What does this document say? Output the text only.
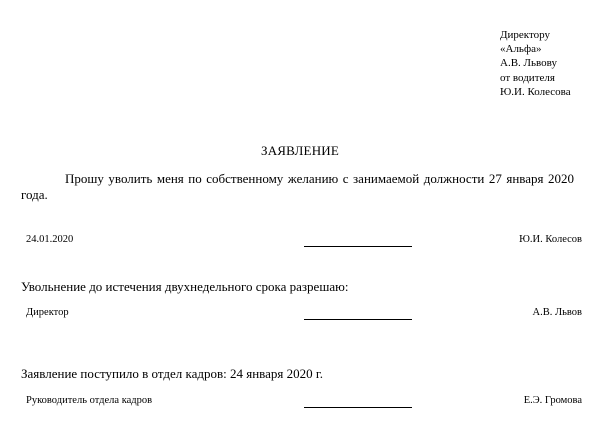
Директору
«Альфа»
А.В. Львову
от водителя
Ю.И. Колесова
ЗАЯВЛЕНИЕ
Прошу уволить меня по собственному желанию с занимаемой должности 27 января 2020 года.
24.01.2020	Ю.И. Колесов
Увольнение до истечения двухнедельного срока разрешаю:
Директор	А.В. Львов
Заявление поступило в отдел кадров: 24 января 2020 г.
Руководитель отдела кадров	Е.Э. Громова
